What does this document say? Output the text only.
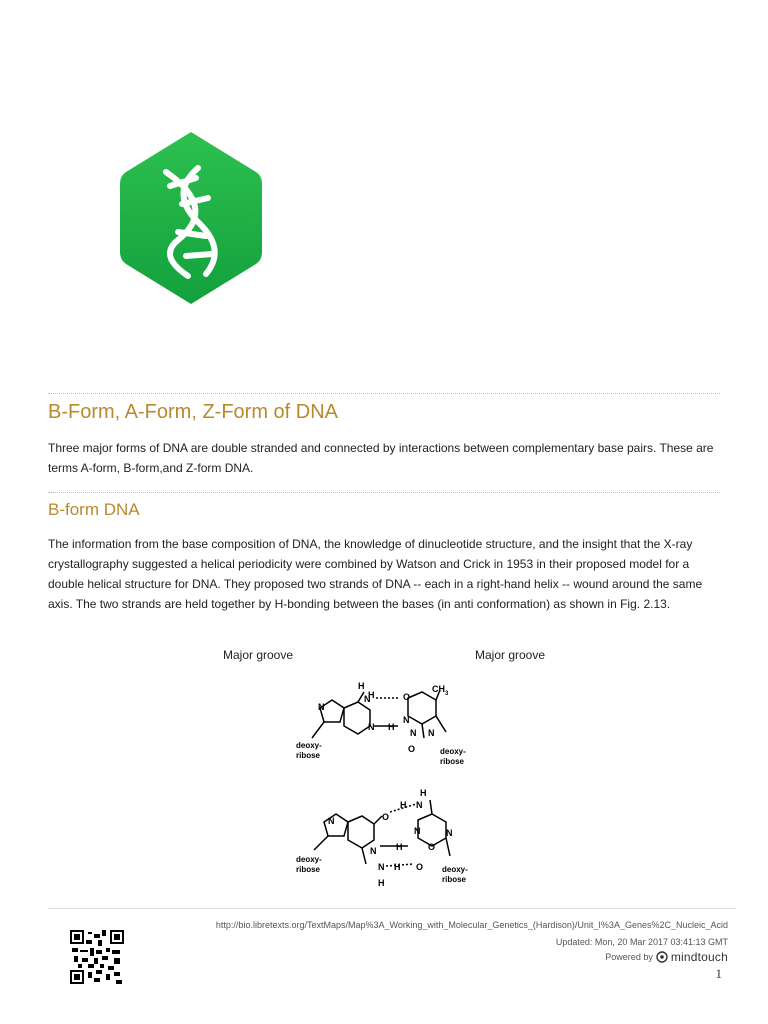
B-Form, A-Form, Z-Form of DNA

Three major forms of DNA are double stranded and connected by interactions between complementary base pairs. These are terms A-form, B-form,and Z-form DNA.

B-form DNA

The information from the base composition of DNA, the knowledge of dinucleotide structure, and the insight that the X-ray crystallography suggested a helical periodicity were combined by Watson and Crick in 1953 in their proposed model for a double helical structure for DNA. They proposed two strands of DNA -- each in a right-hand helix -- wound around the same axis. The two strands are held together by H-bonding between the bases (in anti conformation) as shown in Fig. 2.13.

Major groove	Major groove
H
N
H	O
CH 3
N
N H
N
N
O
N
deoxy-
ribose	deoxy-
ribose
H
N
H
O
N
H
N
O
N
N
N H O
H
deoxy-
ribose	deoxy-
ribose
http://bio.libretexts.org/TextMaps/Map%3A_Working_with_Molecular_Genetics_(Hardison)/Unit_I%3A_Genes%2C_Nucleic_Acid
Updated: Mon, 20 Mar 2017 03:41:13 GMT
Powered by mindtouch
1
